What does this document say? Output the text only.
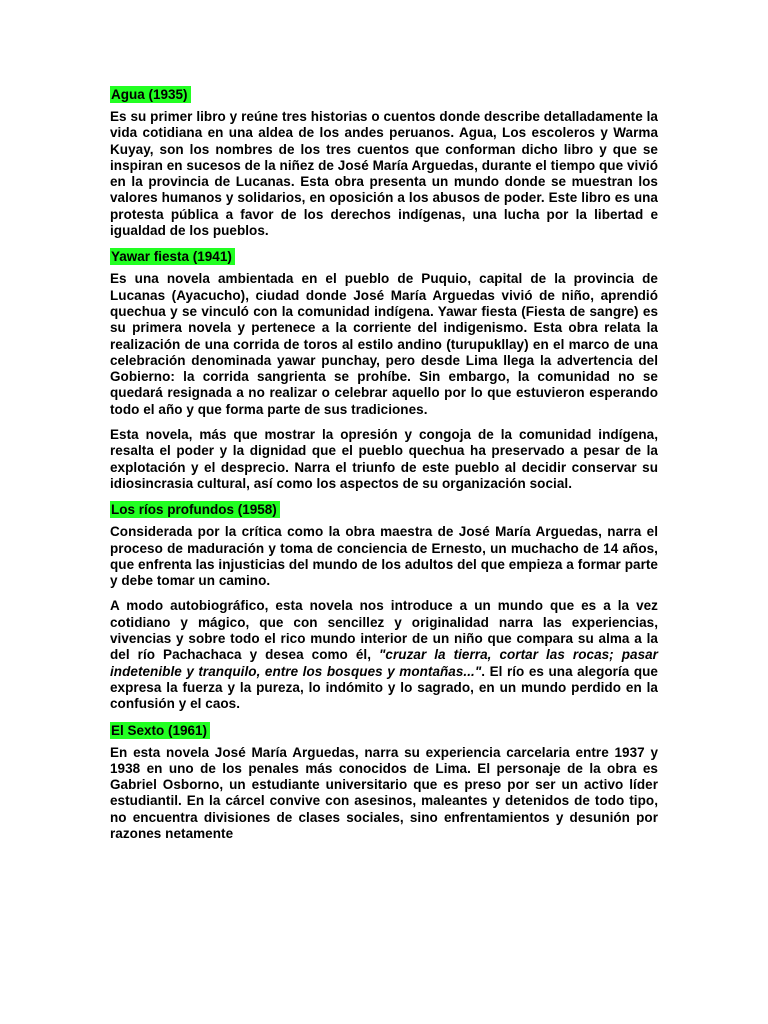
Agua (1935)

Es su primer libro y reúne tres historias o cuentos donde describe detalladamente la vida cotidiana en una aldea de los andes peruanos. Agua, Los escoleros y Warma Kuyay, son los nombres de los tres cuentos que conforman dicho libro y que se inspiran en sucesos de la niñez de José María Arguedas, durante el tiempo que vivió en la provincia de Lucanas. Esta obra presenta un mundo donde se muestran los valores humanos y solidarios, en oposición a los abusos de poder. Este libro es una protesta pública a favor de los derechos indígenas, una lucha por la libertad e igualdad de los pueblos.

Yawar fiesta (1941)

Es una novela ambientada en el pueblo de Puquio, capital de la provincia de Lucanas (Ayacucho), ciudad donde José María Arguedas vivió de niño, aprendió quechua y se vinculó con la comunidad indígena. Yawar fiesta (Fiesta de sangre) es su primera novela y pertenece a la corriente del indigenismo. Esta obra relata la realización de una corrida de toros al estilo andino (turupukllay) en el marco de una celebración denominada yawar punchay, pero desde Lima llega la advertencia del Gobierno: la corrida sangrienta se prohíbe. Sin embargo, la comunidad no se quedará resignada a no realizar o celebrar aquello por lo que estuvieron esperando todo el año y que forma parte de sus tradiciones.

Esta novela, más que mostrar la opresión y congoja de la comunidad indígena, resalta el poder y la dignidad que el pueblo quechua ha preservado a pesar de la explotación y el desprecio. Narra el triunfo de este pueblo al decidir conservar su idiosincrasia cultural, así como los aspectos de su organización social.

Los ríos profundos (1958)

Considerada por la crítica como la obra maestra de José María Arguedas, narra el proceso de maduración y toma de conciencia de Ernesto, un muchacho de 14 años, que enfrenta las injusticias del mundo de los adultos del que empieza a formar parte y debe tomar un camino.

A modo autobiográfico, esta novela nos introduce a un mundo que es a la vez cotidiano y mágico, que con sencillez y originalidad narra las experiencias, vivencias y sobre todo el rico mundo interior de un niño que compara su alma a la del río Pachachaca y desea como él, "cruzar la tierra, cortar las rocas; pasar indetenible y tranquilo, entre los bosques y montañas...". El río es una alegoría que expresa la fuerza y la pureza, lo indómito y lo sagrado, en un mundo perdido en la confusión y el caos.

El Sexto (1961)

En esta novela José María Arguedas, narra su experiencia carcelaria entre 1937 y 1938 en uno de los penales más conocidos de Lima. El personaje de la obra es Gabriel Osborno, un estudiante universitario que es preso por ser un activo líder estudiantil. En la cárcel convive con asesinos, maleantes y detenidos de todo tipo, no encuentra divisiones de clases sociales, sino enfrentamientos y desunión por razones netamente
